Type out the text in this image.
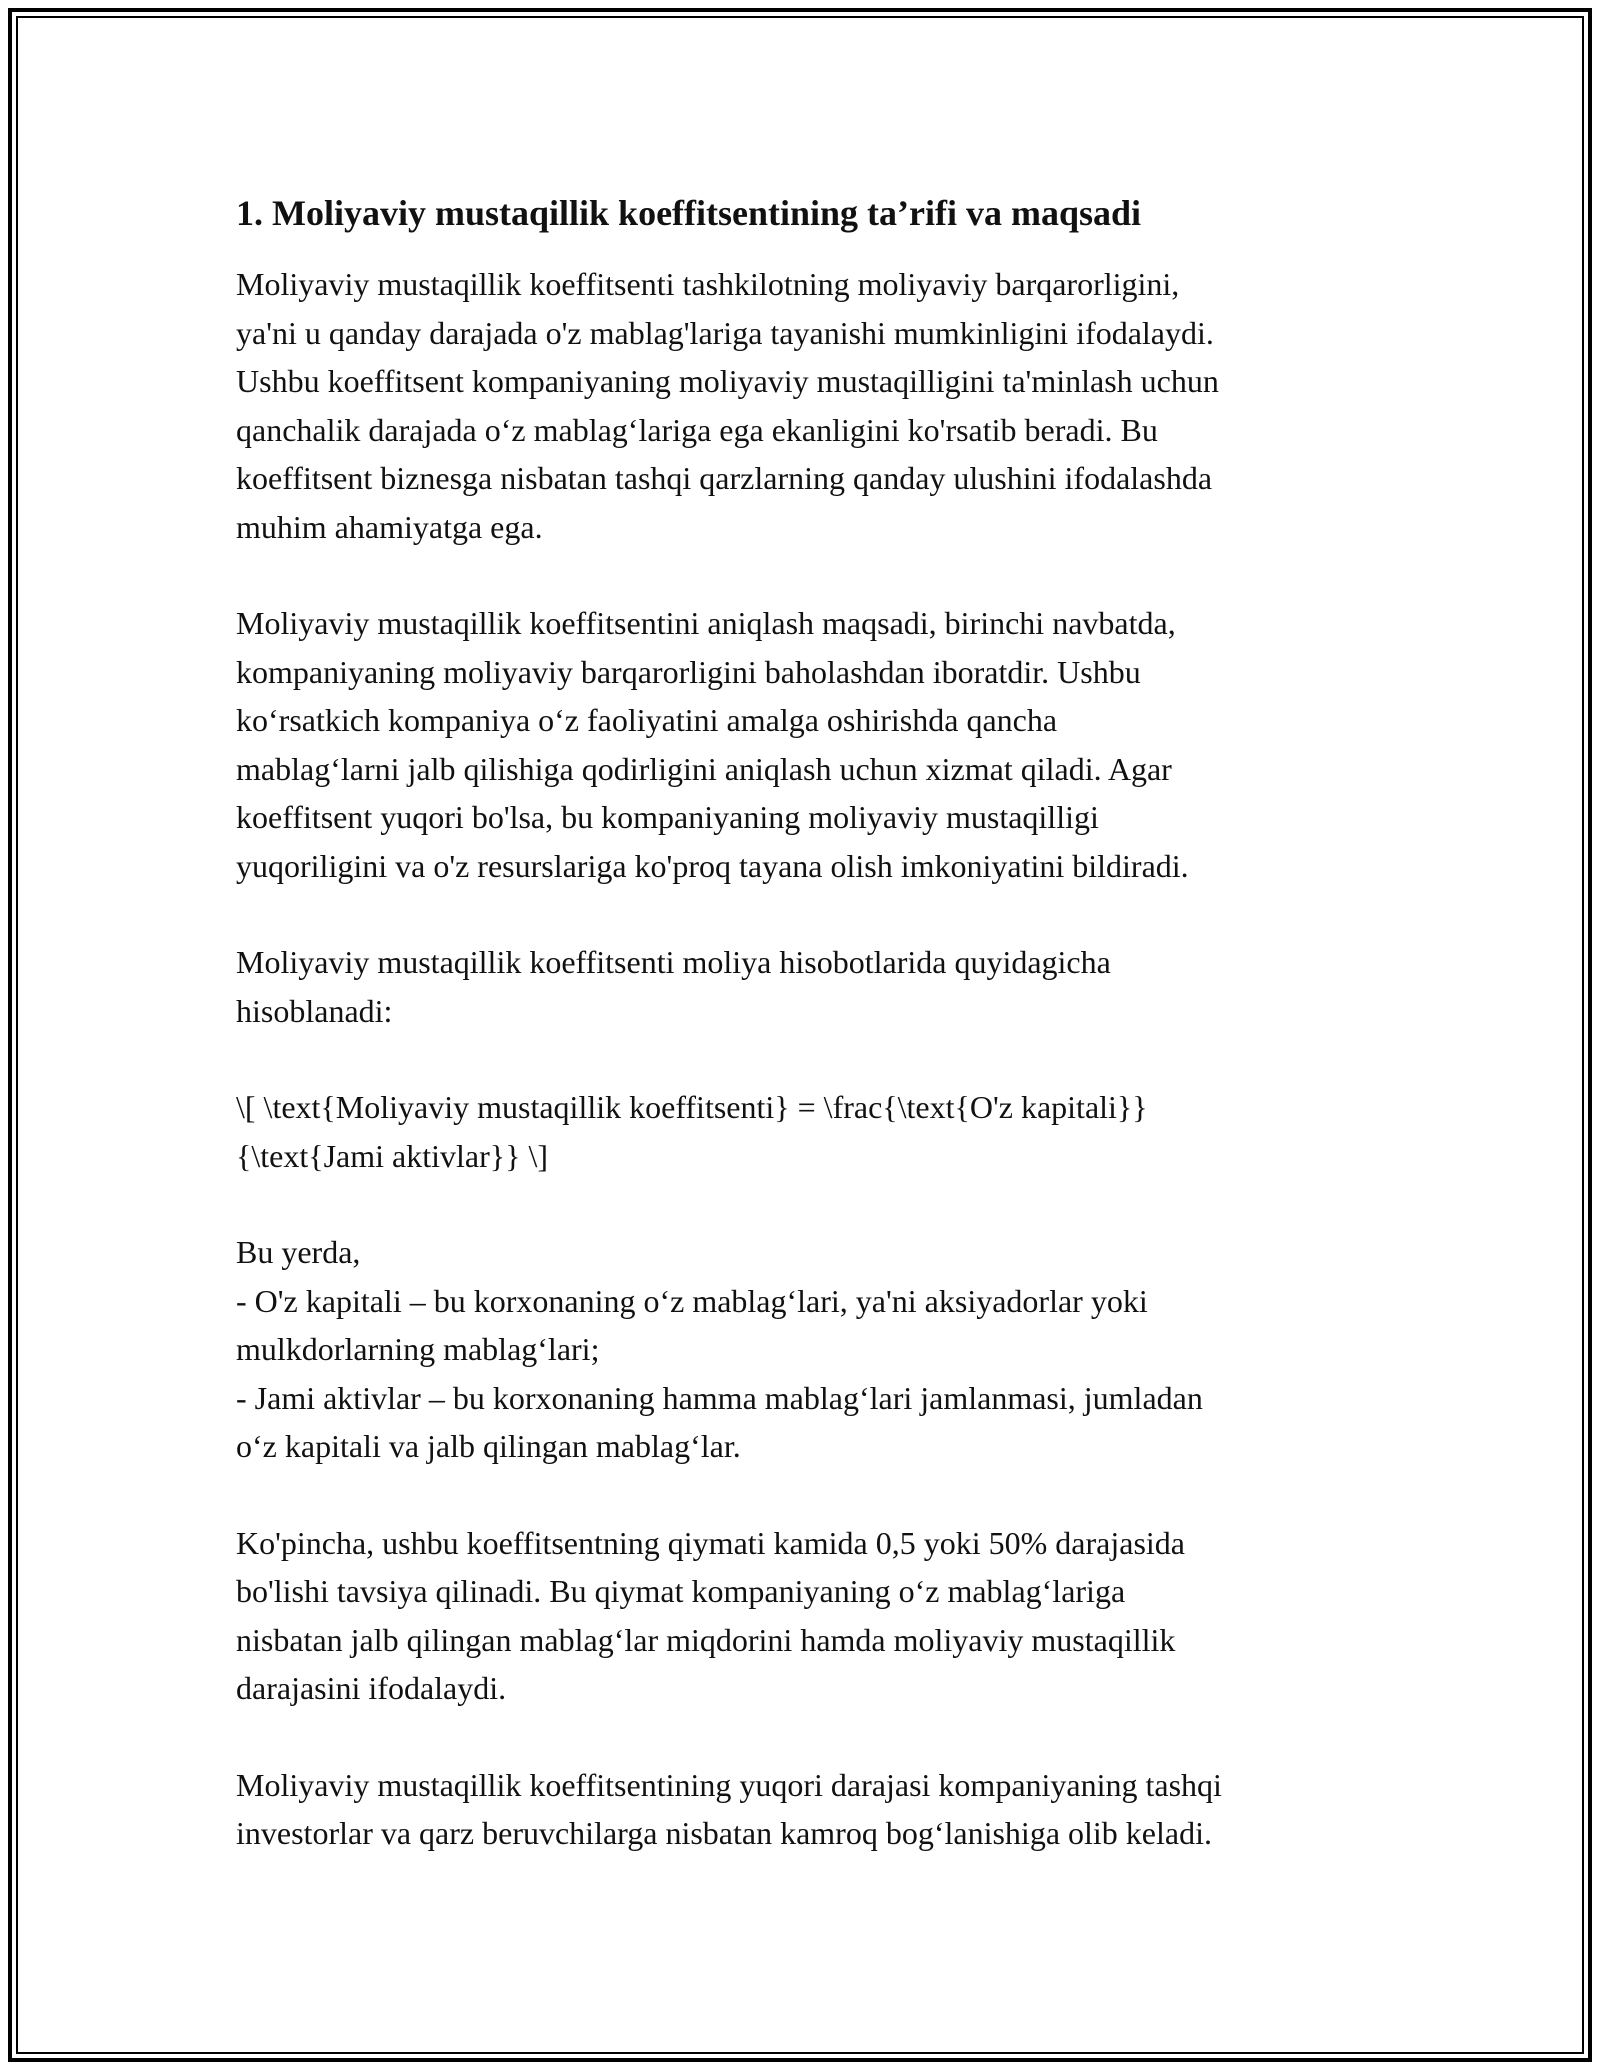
1. Moliyaviy mustaqillik koeffitsentining ta’rifi va maqsadi

Moliyaviy mustaqillik koeffitsenti tashkilotning moliyaviy barqarorligini,
ya'ni u qanday darajada o'z mablag'lariga tayanishi mumkinligini ifodalaydi.
Ushbu koeffitsent kompaniyaning moliyaviy mustaqilligini ta'minlash uchun
qanchalik darajada o‘z mablag‘lariga ega ekanligini ko'rsatib beradi. Bu
koeffitsent biznesga nisbatan tashqi qarzlarning qanday ulushini ifodalashda
muhim ahamiyatga ega.

Moliyaviy mustaqillik koeffitsentini aniqlash maqsadi, birinchi navbatda,
kompaniyaning moliyaviy barqarorligini baholashdan iboratdir. Ushbu
ko‘rsatkich kompaniya o‘z faoliyatini amalga oshirishda qancha
mablag‘larni jalb qilishiga qodirligini aniqlash uchun xizmat qiladi. Agar
koeffitsent yuqori bo'lsa, bu kompaniyaning moliyaviy mustaqilligi
yuqoriligini va o'z resurslariga ko'proq tayana olish imkoniyatini bildiradi.

Moliyaviy mustaqillik koeffitsenti moliya hisobotlarida quyidagicha
hisoblanadi:

\[ \text{Moliyaviy mustaqillik koeffitsenti} = \frac{\text{O'z kapitali}}
{\text{Jami aktivlar}} \]

Bu yerda,
- O'z kapitali – bu korxonaning o‘z mablag‘lari, ya'ni aksiyadorlar yoki
mulkdorlarning mablag‘lari;
- Jami aktivlar – bu korxonaning hamma mablag‘lari jamlanmasi, jumladan
o‘z kapitali va jalb qilingan mablag‘lar.

Ko'pincha, ushbu koeffitsentning qiymati kamida 0,5 yoki 50% darajasida
bo'lishi tavsiya qilinadi. Bu qiymat kompaniyaning o‘z mablag‘lariga
nisbatan jalb qilingan mablag‘lar miqdorini hamda moliyaviy mustaqillik
darajasini ifodalaydi.

Moliyaviy mustaqillik koeffitsentining yuqori darajasi kompaniyaning tashqi
investorlar va qarz beruvchilarga nisbatan kamroq bog‘lanishiga olib keladi.
